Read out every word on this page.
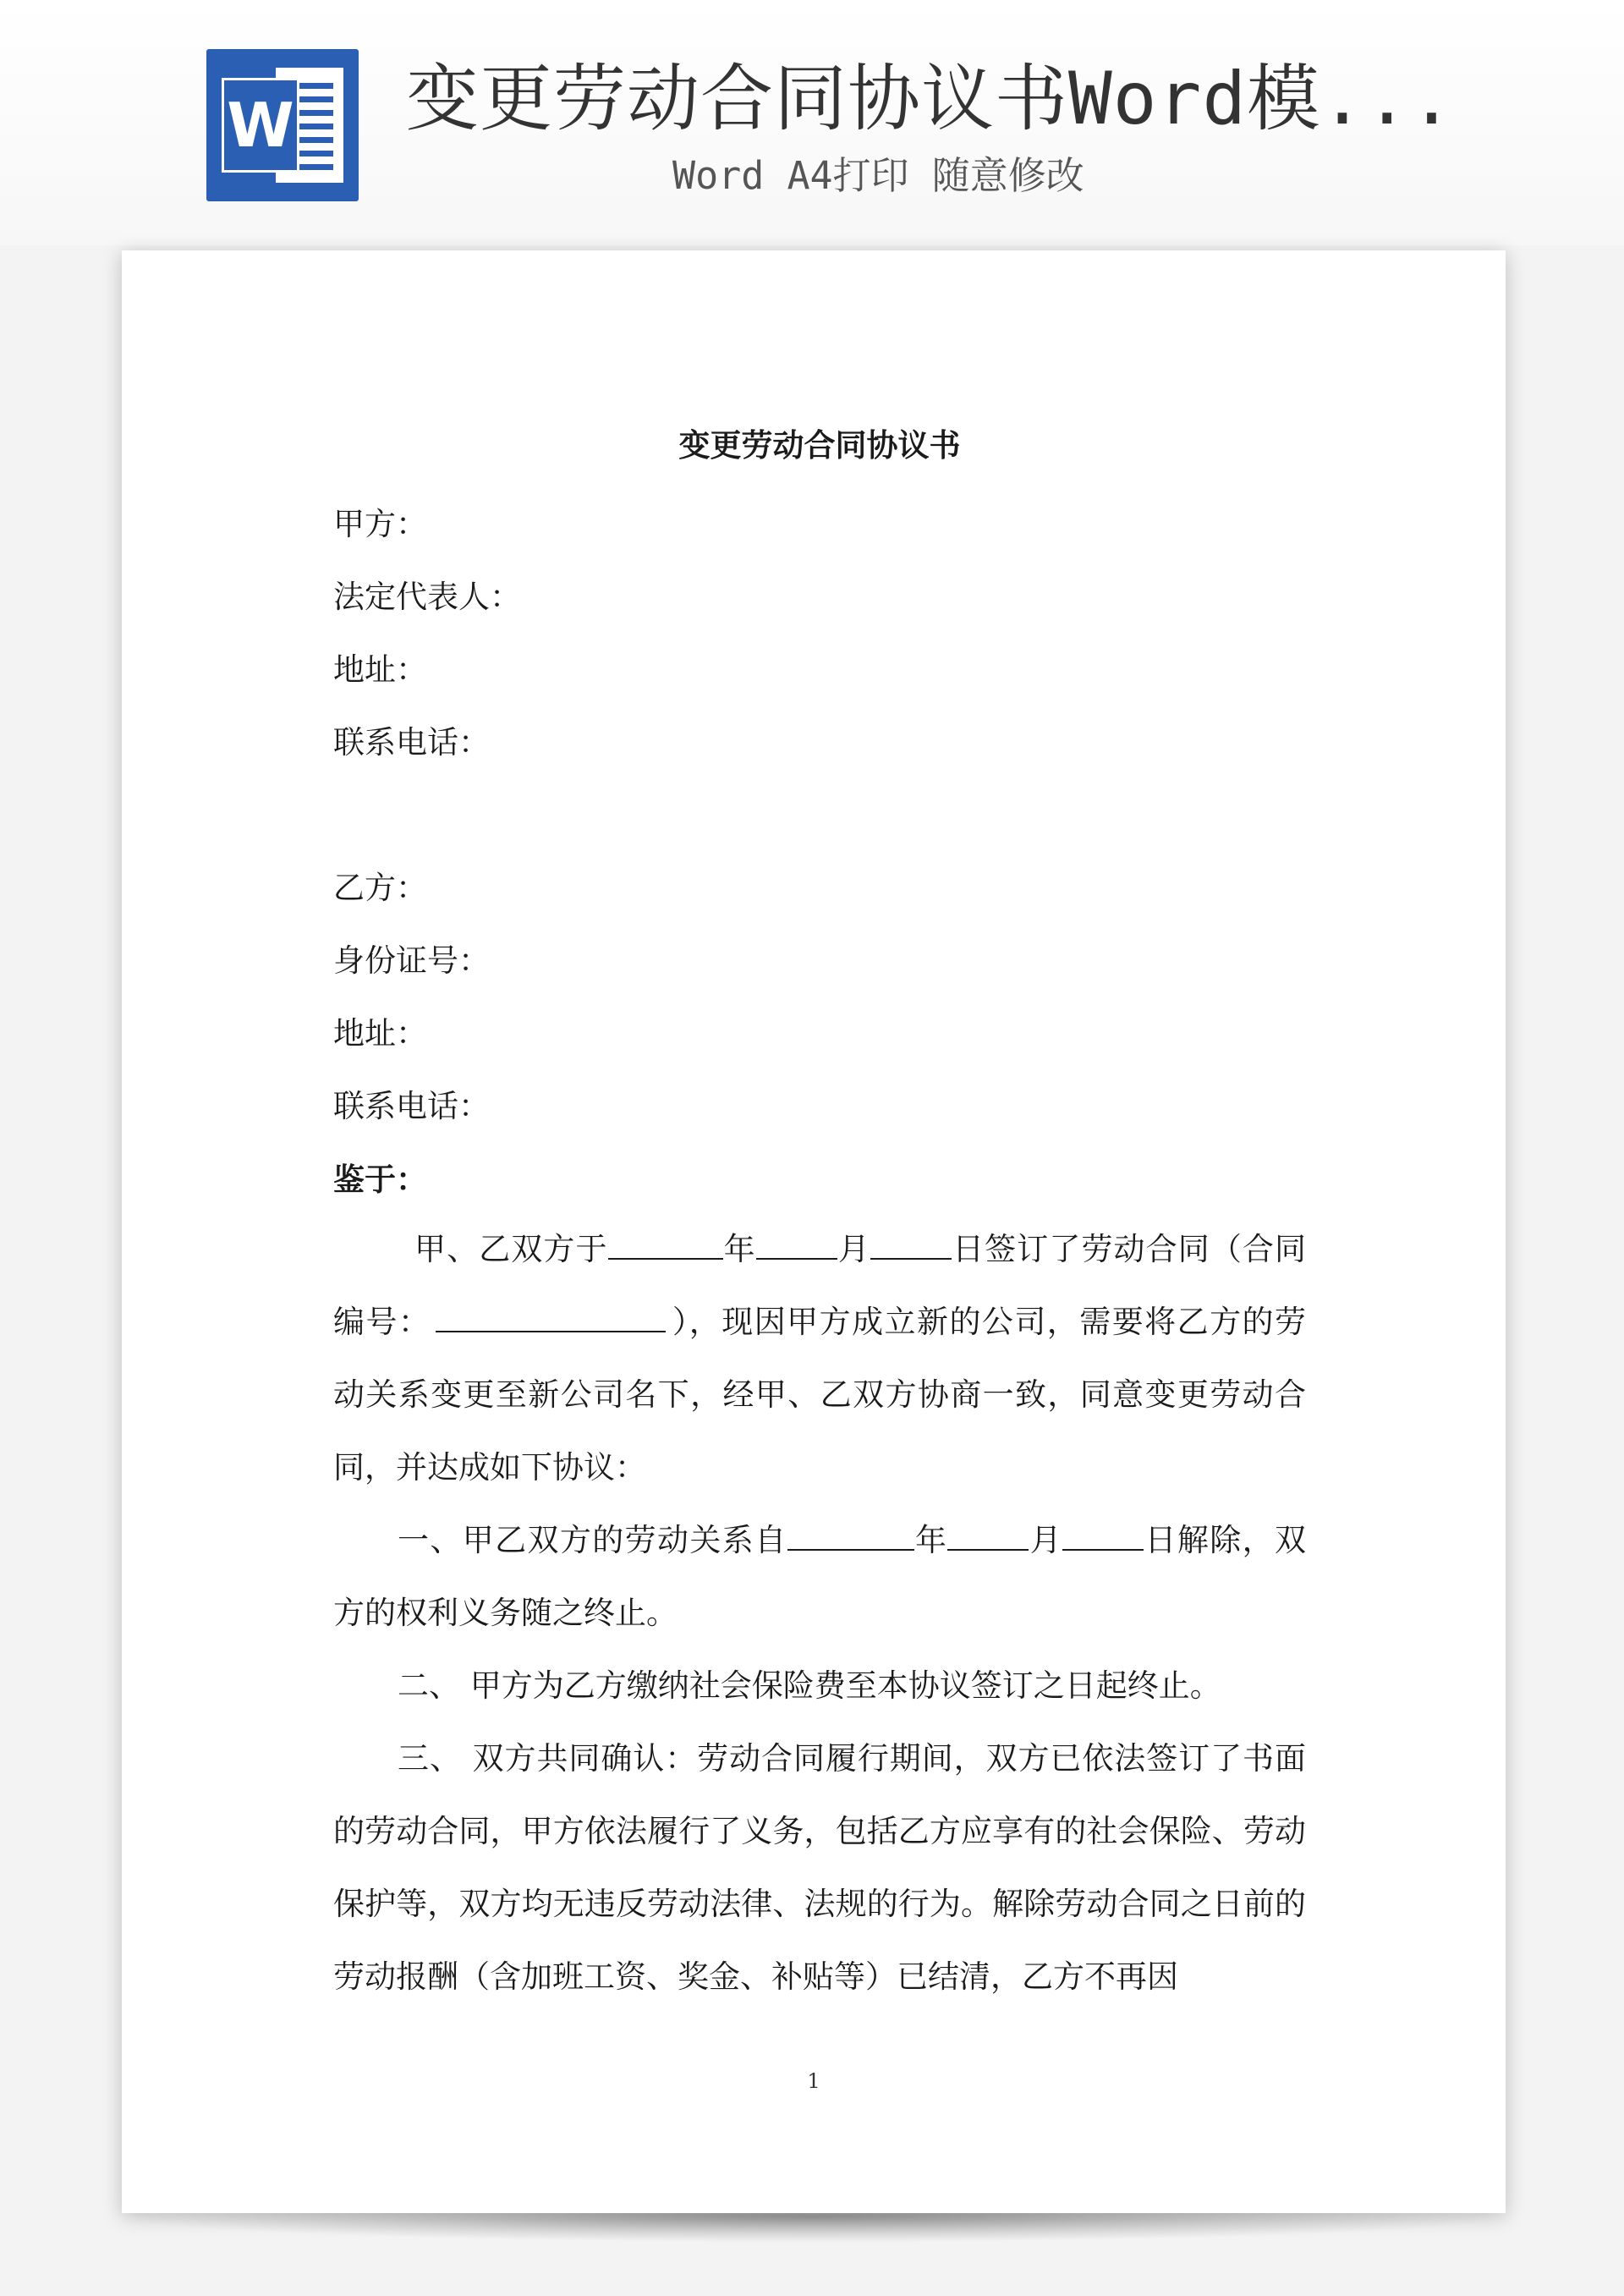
W 变更劳动合同协议书Word模...
Word A4打印 随意修改
变更劳动合同协议书
甲方：
法定代表人：
地址：
联系电话：
乙方：
身份证号：
地址：
联系电话：
鉴于：
甲、乙双方于	年	月	日签订了劳动合同（合同编号：	），现因甲方成立新的公司，需要将乙方的劳动关系变更至新公司名下，经甲、乙双方协商一致，同意变更劳动合同，并达成如下协议：
一、甲乙双方的劳动关系自	年	月	日解除，双方的权利义务随之终止。
二、 甲方为乙方缴纳社会保险费至本协议签订之日起终止。
三、 双方共同确认：劳动合同履行期间，双方已依法签订了书面的劳动合同，甲方依法履行了义务，包括乙方应享有的社会保险、劳动保护等，双方均无违反劳动法律、法规的行为。解除劳动合同之日前的劳动报酬（含加班工资、奖金、补贴等）已结清，乙方不再因
1
